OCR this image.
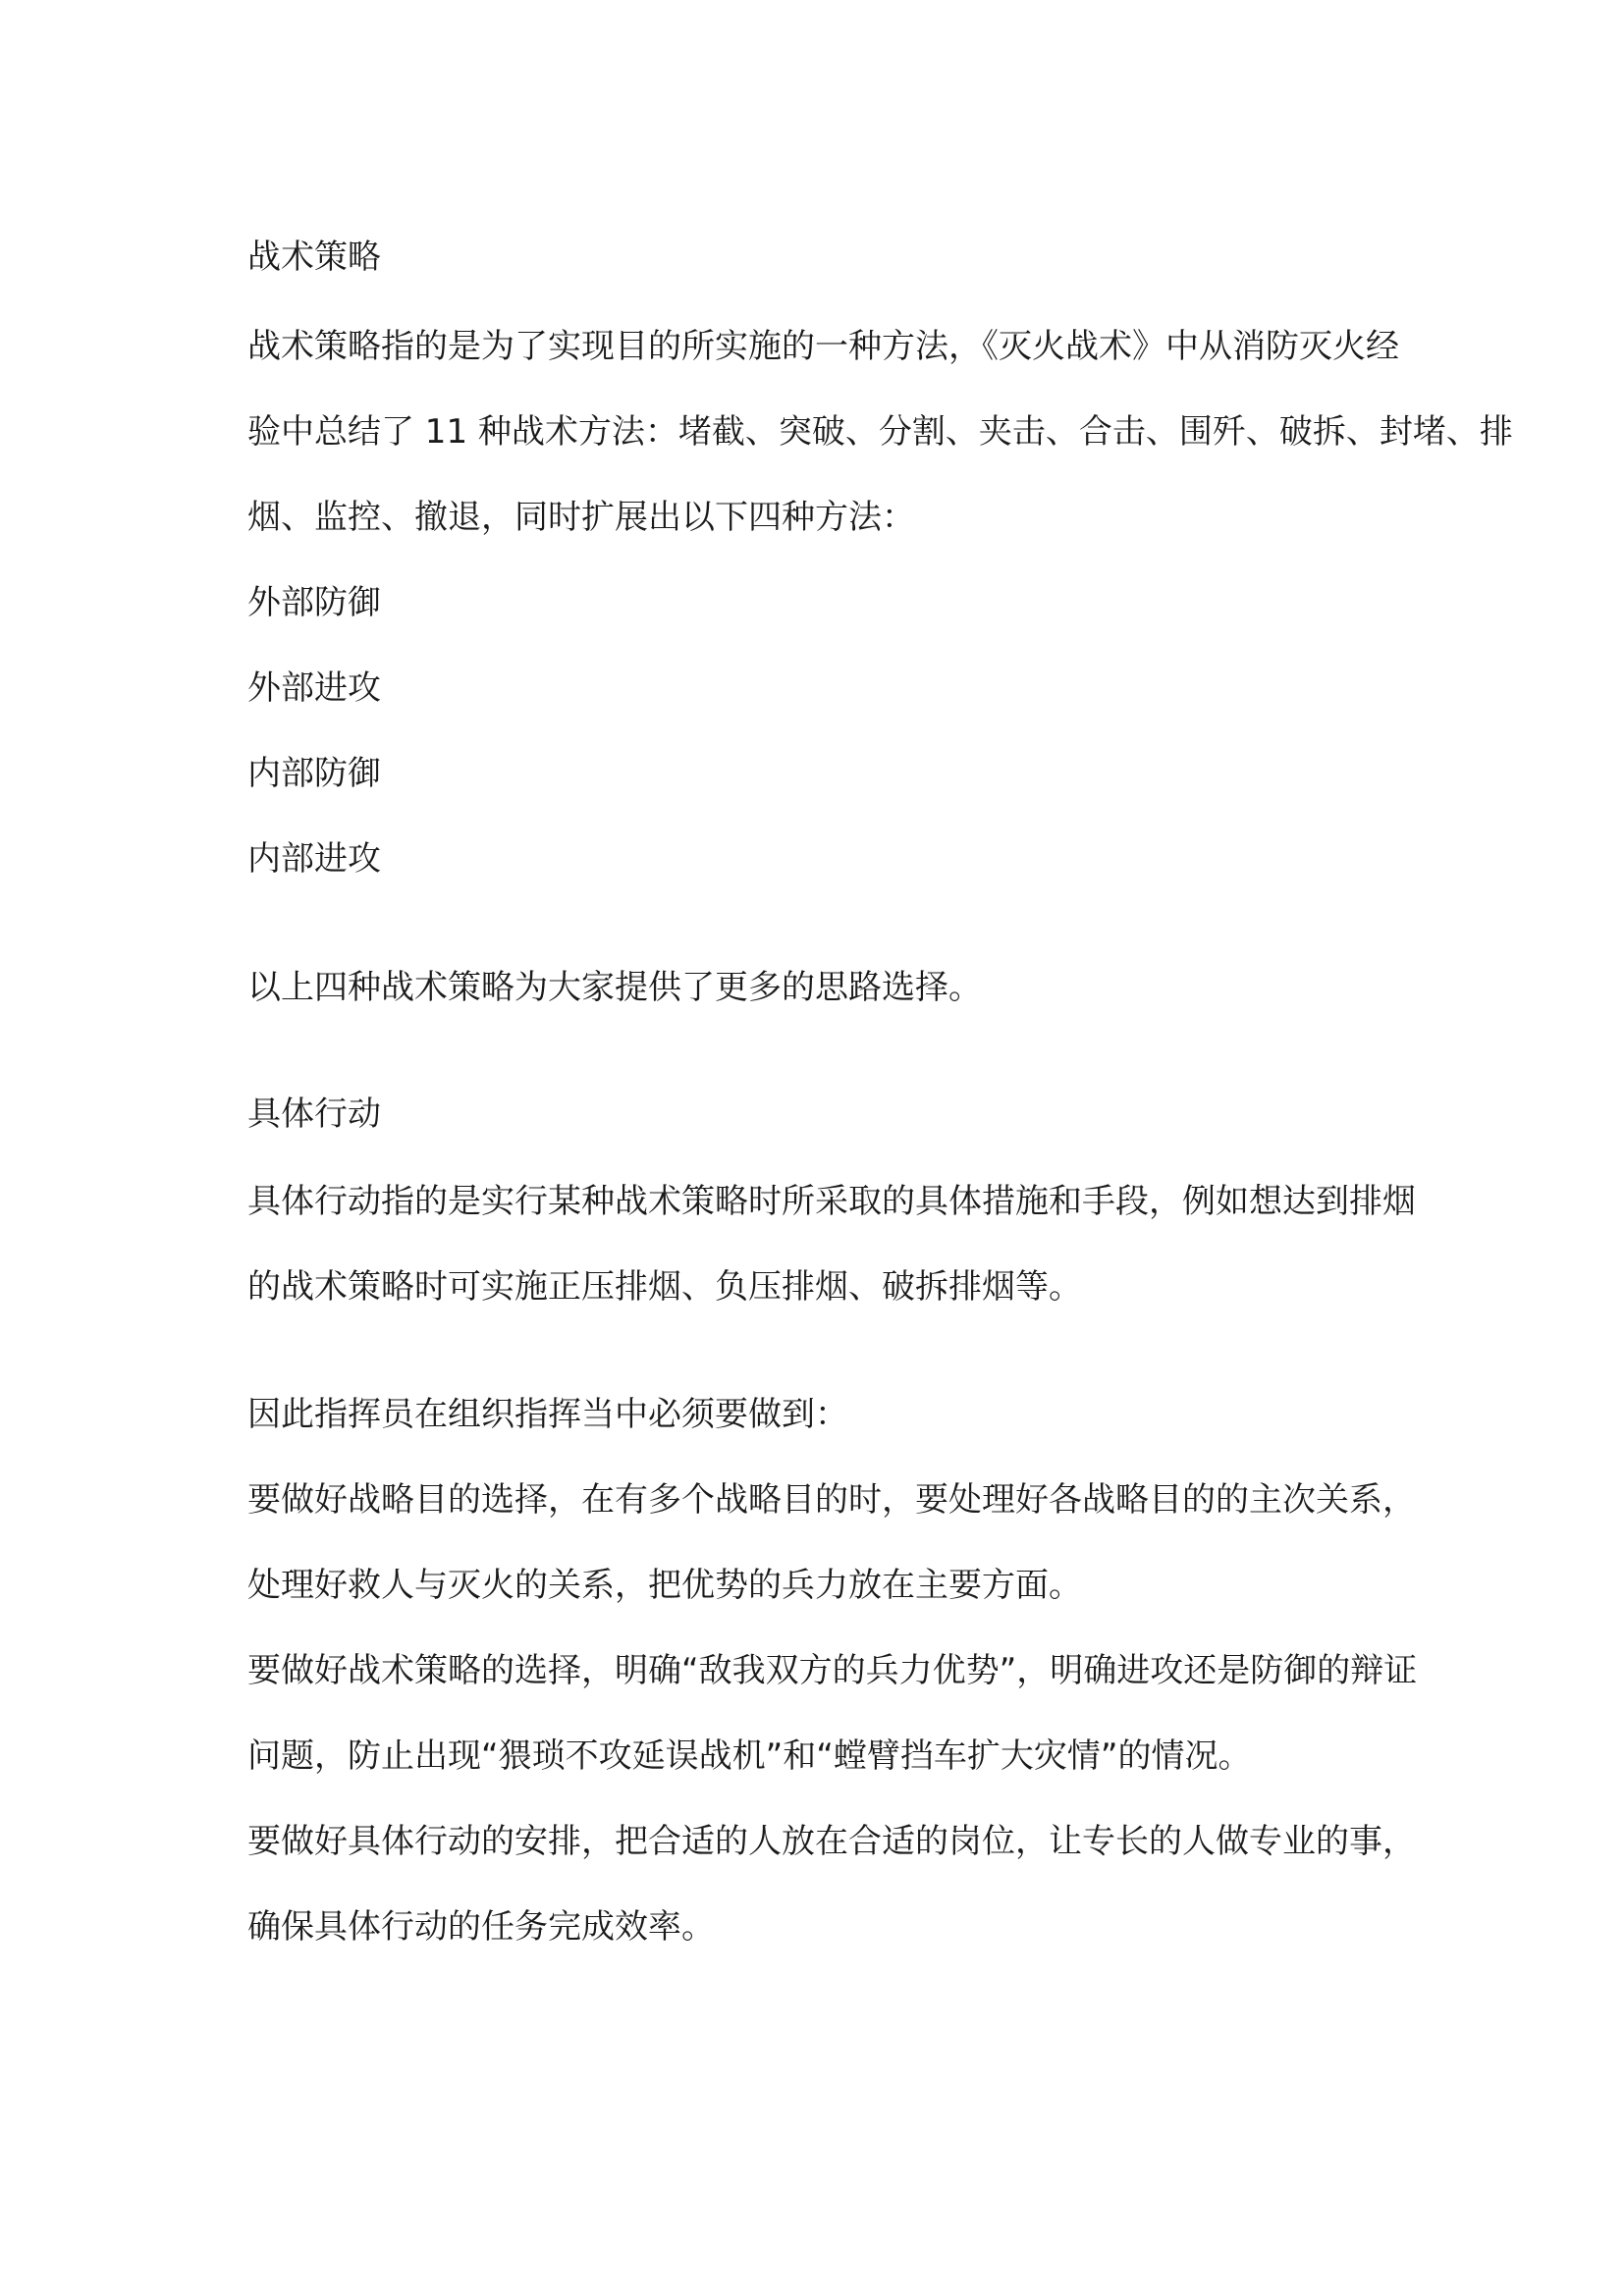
战术策略
战术策略指的是为了实现目的所实施的一种方法，《灭火战术》中从消防灭火经
验中总结了 11 种战术方法：堵截、突破、分割、夹击、合击、围歼、破拆、封堵、排
烟、监控、撤退，同时扩展出以下四种方法：
外部防御
外部进攻
内部防御
内部进攻
以上四种战术策略为大家提供了更多的思路选择。
具体行动
具体行动指的是实行某种战术策略时所采取的具体措施和手段，例如想达到排烟
的战术策略时可实施正压排烟、负压排烟、破拆排烟等。
因此指挥员在组织指挥当中必须要做到：
要做好战略目的选择，在有多个战略目的时，要处理好各战略目的的主次关系，
处理好救人与灭火的关系，把优势的兵力放在主要方面。
要做好战术策略的选择，明确“敌我双方的兵力优势”，明确进攻还是防御的辩证
问题，防止出现“猥琐不攻延误战机”和“螳臂挡车扩大灾情”的情况。
要做好具体行动的安排，把合适的人放在合适的岗位，让专长的人做专业的事，
确保具体行动的任务完成效率。
